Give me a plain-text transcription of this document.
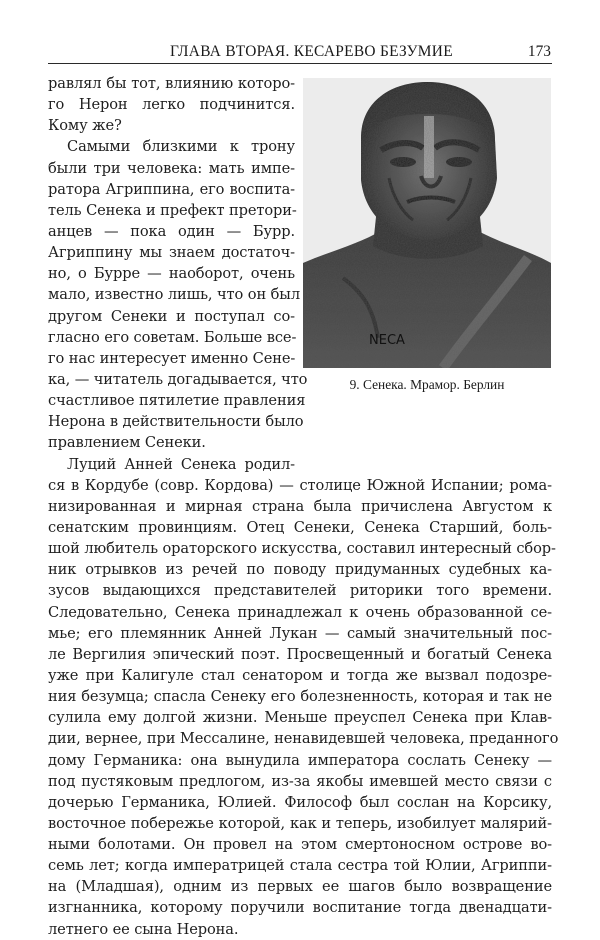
ГЛАВА ВТОРАЯ. КЕСАРЕВО БЕЗУМИЕ	173
NECA
9. Сенека. Мрамор. Берлин
равлял бы тот, влиянию которо-
го Нерон легко подчинится.
Кому же?
Самыми близкими к трону
были три человека: мать импе-
ратора Агриппина, его воспита-
тель Сенека и префект претори-
анцев — пока один — Бурр.
Агриппину мы знаем достаточ-
но, о Бурре — наоборот, очень
мало, известно лишь, что он был
другом Сенеки и поступал со-
гласно его советам. Больше все-
го нас интересует именно Сене-
ка, — читатель догадывается, что
счастливое пятилетие правления
Нерона в действительности было
правлением Сенеки.
Луций Анней Сенека родил-
ся в Кордубе (совр. Кордова) — столице Южной Испании; рома-
низированная и мирная страна была причислена Августом к
сенатским провинциям. Отец Сенеки, Сенека Старший, боль-
шой любитель ораторского искусства, составил интересный сбор-
ник отрывков из речей по поводу придуманных судебных ка-
зусов выдающихся представителей риторики того времени.
Следовательно, Сенека принадлежал к очень образованной се-
мье; его племянник Анней Лукан — самый значительный пос-
ле Вергилия эпический поэт. Просвещенный и богатый Сенека
уже при Калигуле стал сенатором и тогда же вызвал подозре-
ния безумца; спасла Сенеку его болезненность, которая и так не
сулила ему долгой жизни. Меньше преуспел Сенека при Клав-
дии, вернее, при Мессалине, ненавидевшей человека, преданного
дому Германика: она вынудила императора сослать Сенеку —
под пустяковым предлогом, из-за якобы имевшей место связи с
дочерью Германика, Юлией. Философ был сослан на Корсику,
восточное побережье которой, как и теперь, изобилует малярий-
ными болотами. Он провел на этом смертоносном острове во-
семь лет; когда императрицей стала сестра той Юлии, Агриппи-
на (Младшая), одним из первых ее шагов было возвращение
изгнанника, которому поручили воспитание тогда двенадцати-
летнего ее сына Нерона.
